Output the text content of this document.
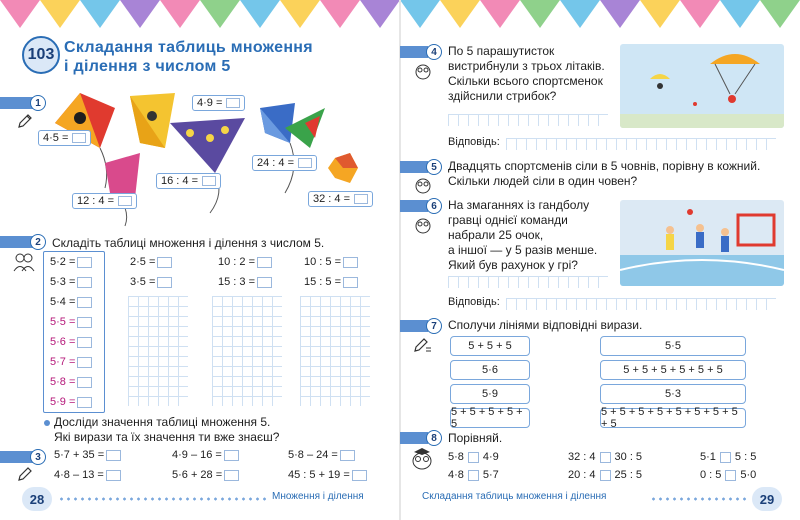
103 Складання таблиць множення
і ділення з числом 5
1
4·5 =
4·9 =
16 : 4 =
24 : 4 =
12 : 4 =	32 : 4 =
2 Складіть таблиці множення і ділення з числом 5.
5·2 =
5·3 =
5·4 =
5·5 =
5·6 =
5·7 =
5·8 =
5·9 =
2·5 =
3·5 =
10 : 2 =
15 : 3 =
10 : 5 =
15 : 5 =
Досліди значення таблиці множення 5.
Які вирази та їх значення ти вже знаєш?
3	5·7 + 35 =	4·9 – 16 =	5·8 – 24 =
4·8 – 13 =	5·6 + 28 =	45 : 5 + 19 =
28	Множення і ділення
4 По 5 парашутисток
вистрибнули з трьох літаків.
Скільки всього спортсменок
здійснили стрибок?
Відповідь:
5 Двадцять спортсменів сіли в 5 човнів, порівну в кожний.
Скільки людей сіли в один човен?
6 На змаганнях із гандболу
гравці однієї команди
набрали 25 очок,
а іншої — у 5 разів менше.
Який був рахунок у грі?
Відповідь:
7 Сполучи лініями відповідні вирази.
5 + 5 + 5
5·6
5·9
5 + 5 + 5 + 5 + 5
5·5
5 + 5 + 5 + 5 + 5 + 5
5·3
5 + 5 + 5 + 5 + 5 + 5 + 5 + 5 + 5
8 Порівняй.
5·8 4·9	32 : 4 30 : 5	5·1 5 : 5
4·8 5·7	20 : 4 25 : 5	0 : 5 5·0
Складання таблиць множення і ділення	29
